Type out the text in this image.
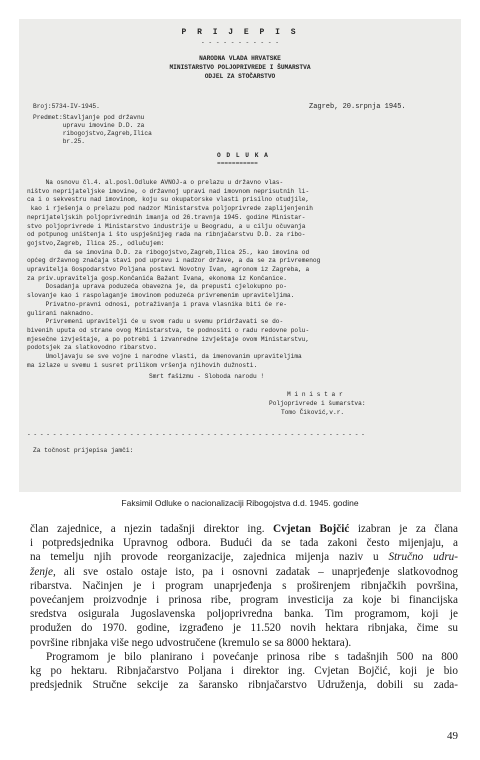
P R I J E P I S
- - - - - - - - - - -
NARODNA VLADA HRVATSKE
MINISTARSTVO POLJOPRIVREDE I ŠUMARSTVA
ODJEL ZA STOČARSTVO
Broj:5734-IV-1945.	Zagreb, 20.srpnja 1945.
Predmet:Stavljanje pod državnu
upravu imovine D.D. za
ribogojstvo,Zagreb,Ilica
br.25.
O D L U K A
===========
Na osnovu čl.4. al.posl.Odluke AVNOJ-a o prelazu u državno vlas-
ništvo neprijateljske imovine, o državnoj upravi nad imovnom neprisutnih li-
ca i o sekvestru nad imovinom, koju su okupatorske vlasti prisilno otudjile,
kao i rješenja o prelazu pod nadzor Ministarstva poljoprivrede zaplijenjenih
neprijateljskih poljoprivrednih imanja od 26.travnja 1945. godine Ministar-
stvo poljoprivrede i Ministarstvo industrije u Beogradu, a u cilju očuvanja
od potpunog uništenja i što uspješnijeg rada na ribnjačarstvu D.D. za ribo-
gojstvo,Zagreb, Ilica 25., odlučujem:
da se imovina D.D. za ribogojstvo,Zagreb,Ilica 25., kao imovina od
općeg državnog značaja stavi pod upravu i nadzor države, a da se za privremenog
upravitelja Gospodarstvo Poljana postavi Novotny Ivan, agronom iz Zagreba, a
za priv.upravitelja gosp.Končanića Bažant Ivana, ekonoma iz Končanice.
Dosadanja uprava poduzeća obavezna je, da prepusti cjelokupno po-
slovanje kao i raspolaganje imovinom poduzeća privremenim upraviteljima.
Privatno-pravni odnosi, potraživanja i prava vlasnika biti će re-
gulirani naknadno.
Privremeni upravitelji će u svom radu u svemu pridržavati se do-
bivenih uputa od strane ovog Ministarstva, te podnositi o radu redovne polu-
mjesečne izvještaje, a po potrebi i izvanredne izvještaje ovom Ministarstvu,
podotsjek za slatkovodno ribarstvo.
Umoljavaju se sve vojne i narodne vlasti, da imenovanim upraviteljima
ma izlaze u svemu i susret prilikom vršenja njihovih dužnosti.
Smrt fašizmu - Sloboda narodu !
M i n i s t a r
Poljoprivrede i šumarstva:
Tomo Čiković,v.r.
- - - - - - - - - - - - - - - - - - - - - - - - - - - - - - - - - - - - - - - - - - - - - - - - - - - - -
Za točnost prijepisa jamči:
Faksimil Odluke o nacionalizaciji Ribogojstva d.d. 1945. godine
član zajednice, a njezin tadašnji direktor ing. Cvjetan Bojčić izabran je za člana
i potpredsjednika Upravnog odbora. Budući da se tada zakoni često mijenjaju, a
na temelju njih provode reorganizacije, zajednica mijenja naziv u Stručno udru-
ženje, ali sve ostalo ostaje isto, pa i osnovni zadatak – unaprjeđenje slatkovodnog
ribarstva. Načinjen je i program unaprjeđenja s proširenjem ribnjačkih površina,
povećanjem proizvodnje i prinosa ribe, program investicija za koje bi financijska
sredstva osigurala Jugoslavenska poljoprivredna banka. Tim programom, koji je
produžen do 1970. godine, izgrađeno je 11.520 novih hektara ribnjaka, čime su
površine ribnjaka više nego udvostručene (kremulo se sa 8000 hektara).
Programom je bilo planirano i povećanje prinosa ribe s tadašnjih 500 na 800
kg po hektaru. Ribnjačarstvo Poljana i direktor ing. Cvjetan Bojčić, koji je bio
predsjednik Stručne sekcije za šaransko ribnjačarstvo Udruženja, dobili su zada-
49
